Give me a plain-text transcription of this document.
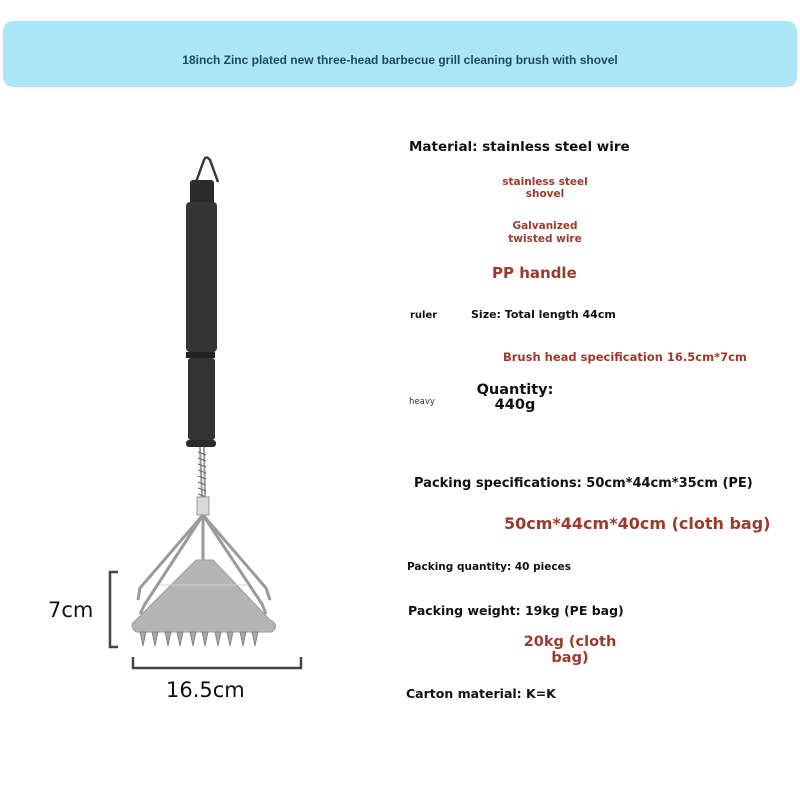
18inch Zinc plated new three-head barbecue grill cleaning brush with shovel
7cm
16.5cm
Material: stainless steel wire
stainless steel
shovel
Galvanized
twisted wire
PP handle
ruler	Size: Total length 44cm
Brush head specification 16.5cm*7cm
heavy
Quantity:
440g
Packing specifications: 50cm*44cm*35cm (PE)
50cm*44cm*40cm (cloth bag)
Packing quantity: 40 pieces
Packing weight: 19kg (PE bag)
20kg (cloth
bag)
Carton material: K=K
